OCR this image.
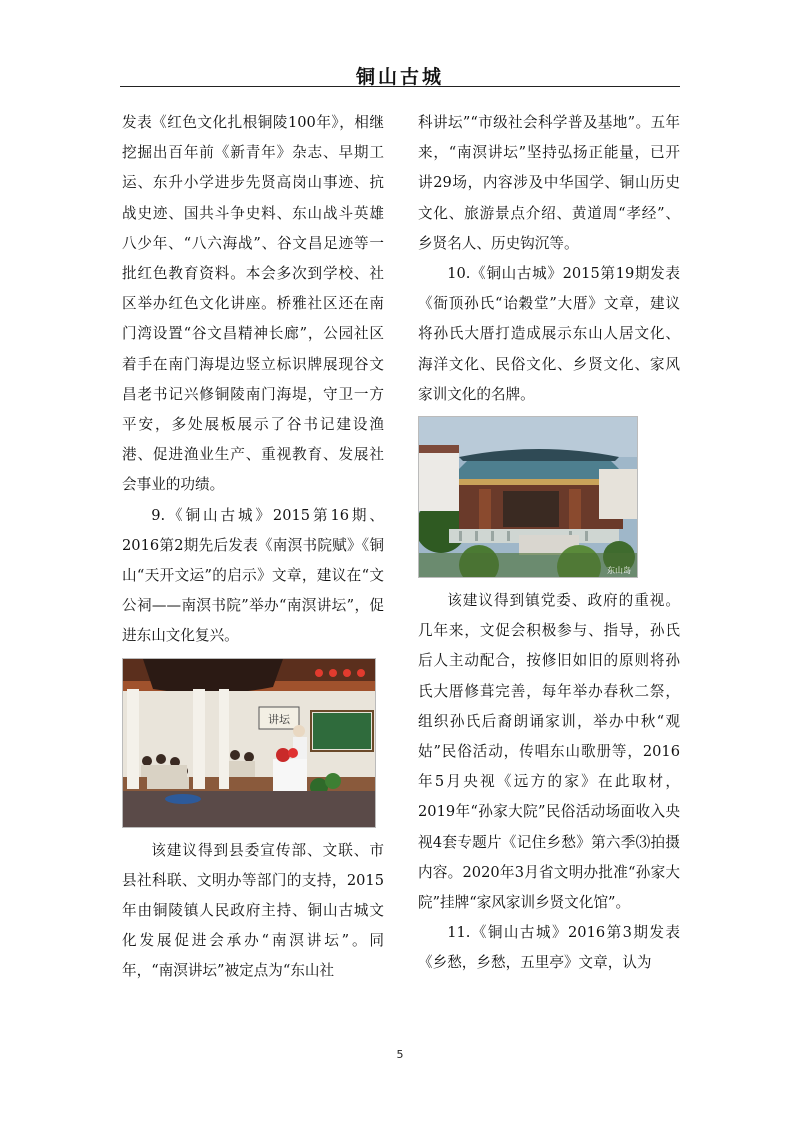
铜山古城

发表《红色文化扎根铜陵100年》，相继挖掘出百年前《新青年》杂志、早期工运、东升小学进步先贤高岗山事迹、抗战史迹、国共斗争史料、东山战斗英雄八少年、“八六海战”、谷文昌足迹等一批红色教育资料。本会多次到学校、社区举办红色文化讲座。桥雅社区还在南门湾设置“谷文昌精神长廊”，公园社区着手在南门海堤边竖立标识牌展现谷文昌老书记兴修铜陵南门海堤，守卫一方平安，多处展板展示了谷书记建设渔港、促进渔业生产、重视教育、发展社会事业的功绩。

9.《铜山古城》2015第16期、2016第2期先后发表《南溟书院赋》《铜山“天开文运”的启示》文章，建议在“文公祠——南溟书院”举办“南溟讲坛”，促进东山文化复兴。

讲坛

该建议得到县委宣传部、文联、市县社科联、文明办等部门的支持，2015年由铜陵镇人民政府主持、铜山古城文化发展促进会承办“南溟讲坛”。同年，“南溟讲坛”被定点为“东山社

科讲坛”“市级社会科学普及基地”。五年来，“南溟讲坛”坚持弘扬正能量，已开讲29场，内容涉及中华国学、铜山历史文化、旅游景点介绍、黄道周“孝经”、乡贤名人、历史钩沉等。

10.《铜山古城》2015第19期发表《衙顶孙氏“诒穀堂”大厝》文章，建议将孙氏大厝打造成展示东山人居文化、海洋文化、民俗文化、乡贤文化、家风家训文化的名牌。

东山岛

该建议得到镇党委、政府的重视。几年来，文促会积极参与、指导，孙氏后人主动配合，按修旧如旧的原则将孙氏大厝修葺完善，每年举办春秋二祭，组织孙氏后裔朗诵家训，举办中秋“观姑”民俗活动，传唱东山歌册等，2016年5月央视《远方的家》在此取材，2019年“孙家大院”民俗活动场面收入央视4套专题片《记住乡愁》第六季⑶拍摄内容。2020年3月省文明办批准“孙家大院”挂牌“家风家训乡贤文化馆”。

11.《铜山古城》2016第3期发表《乡愁，乡愁，五里亭》文章，认为

5
